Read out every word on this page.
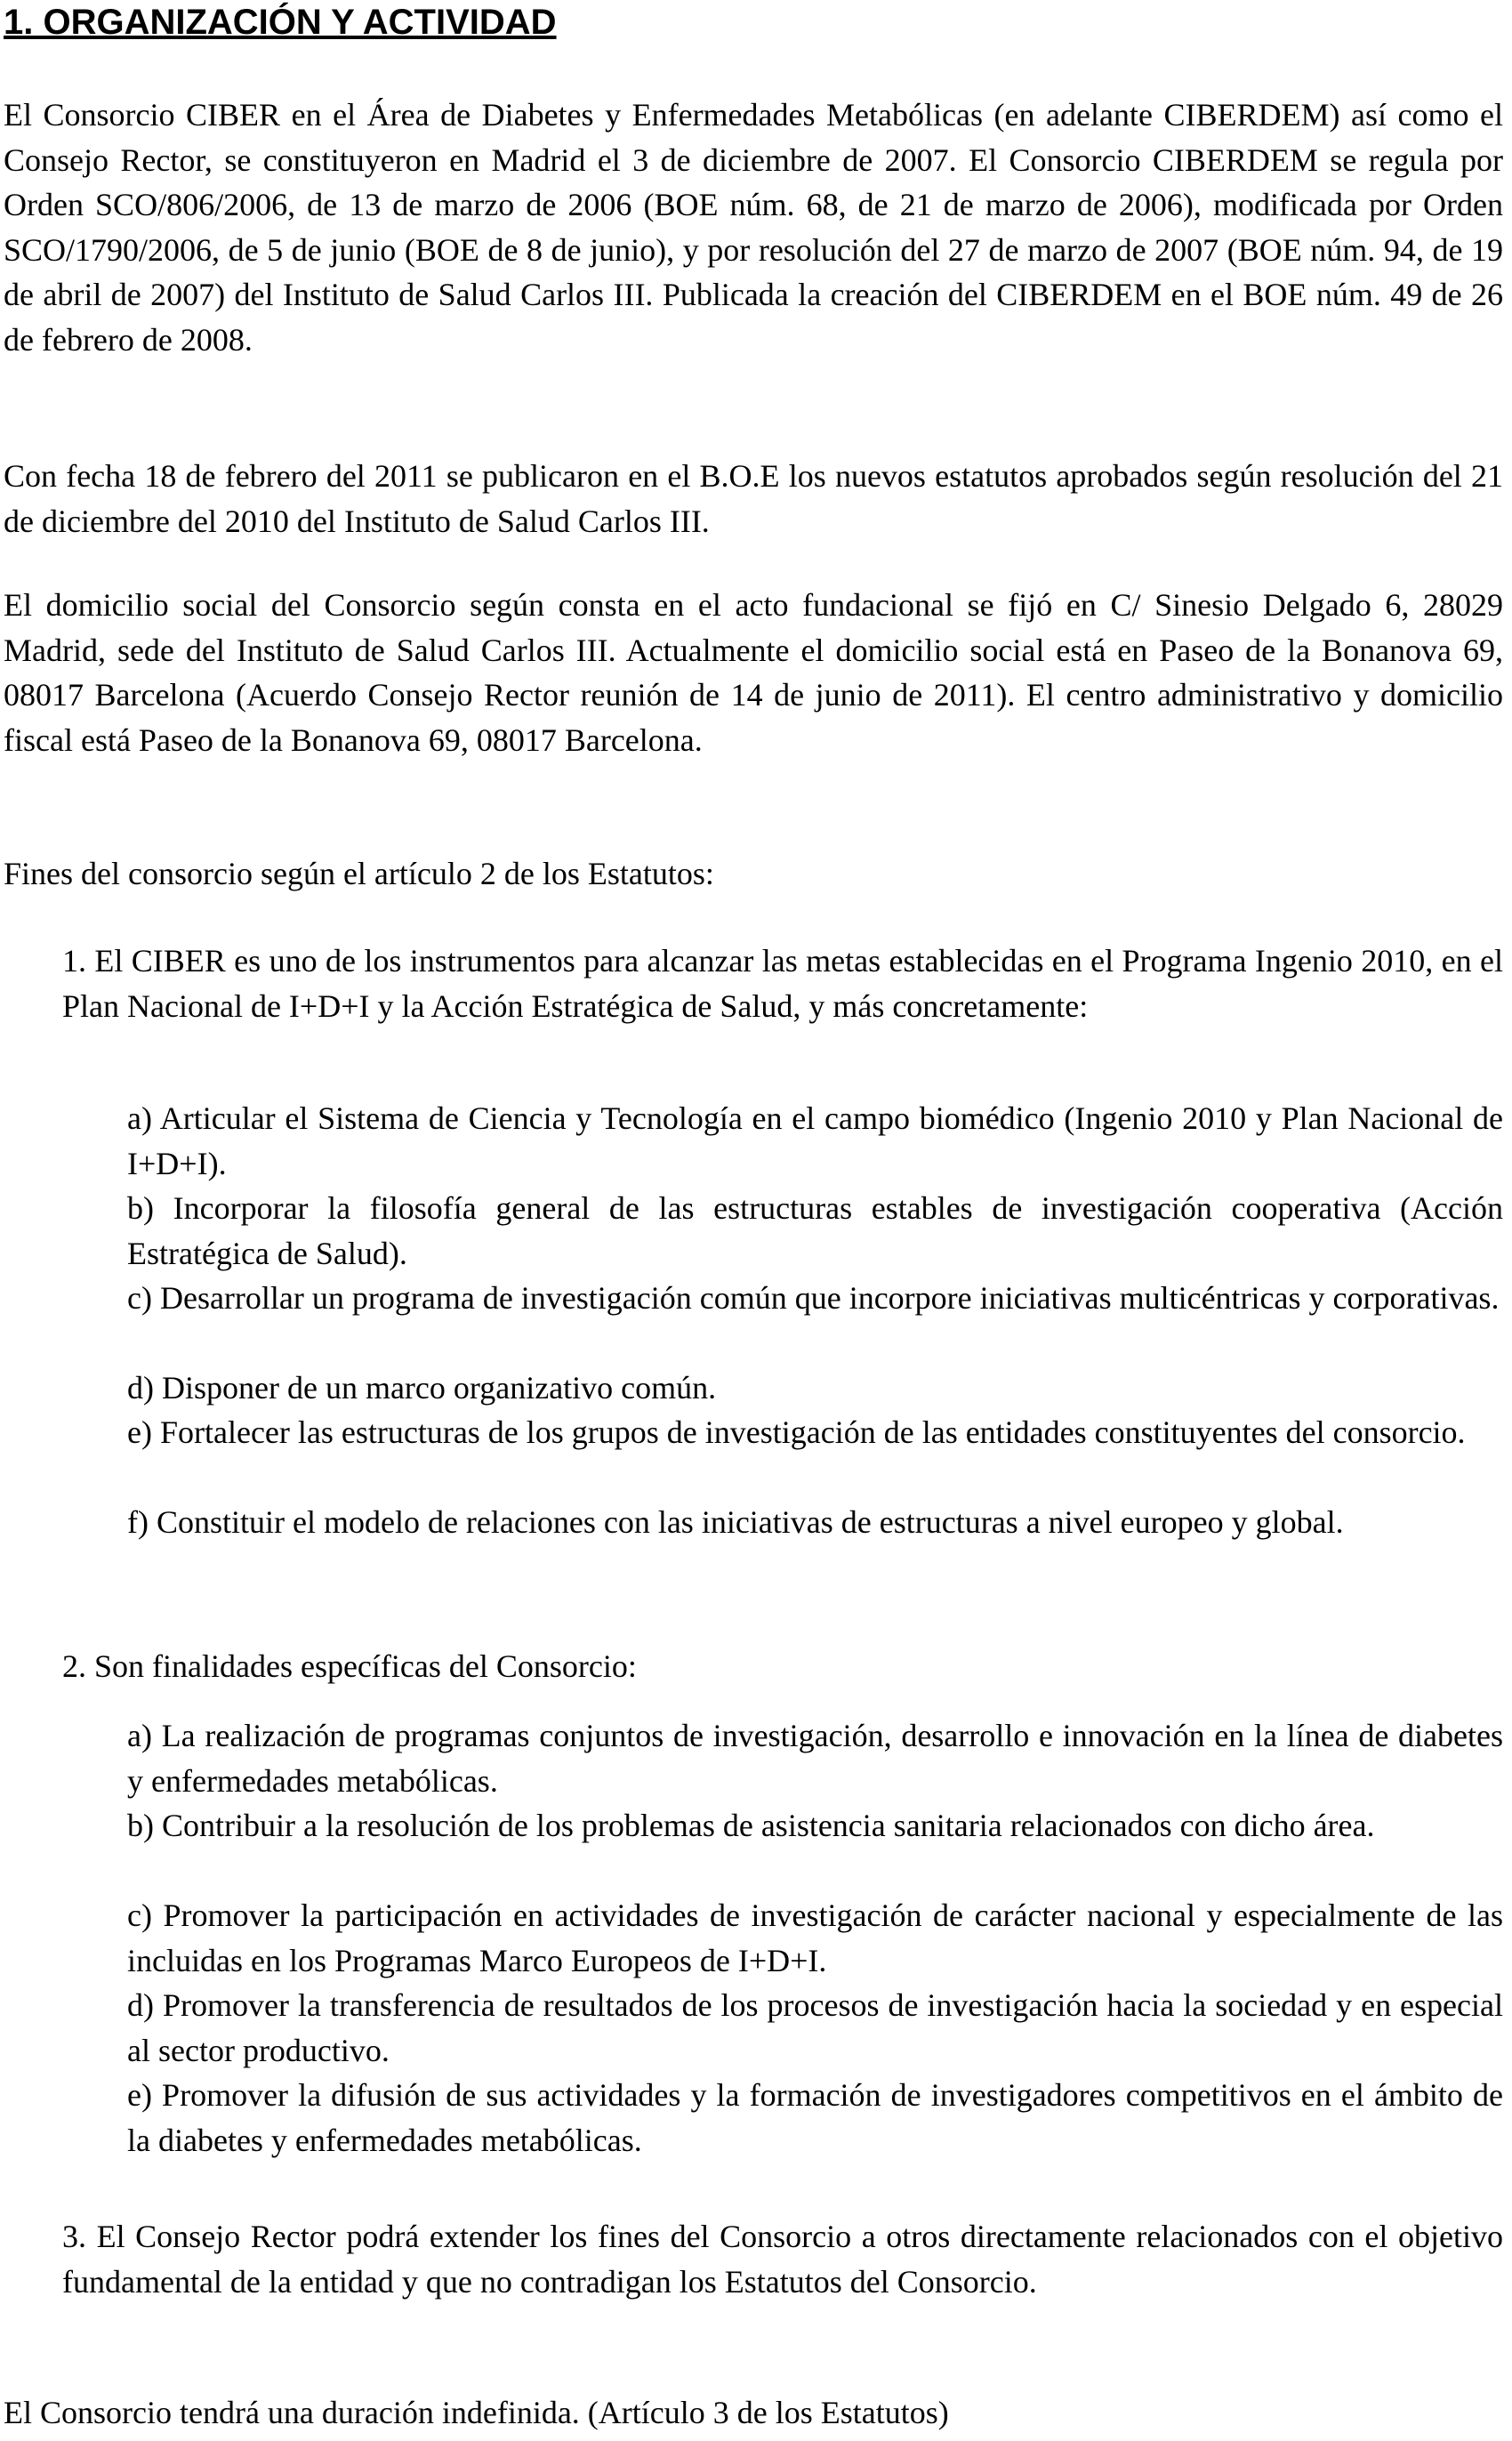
1. ORGANIZACIÓN Y ACTIVIDAD

El Consorcio CIBER en el Área de Diabetes y Enfermedades Metabólicas (en adelante CIBERDEM) así como el Consejo Rector, se constituyeron en Madrid el 3 de diciembre de 2007. El Consorcio CIBERDEM se regula por Orden SCO/806/2006, de 13 de marzo de 2006 (BOE núm. 68, de 21 de marzo de 2006), modificada por Orden SCO/1790/2006, de 5 de junio (BOE de 8 de junio), y por resolución del 27 de marzo de 2007 (BOE núm. 94, de 19 de abril de 2007) del Instituto de Salud Carlos III. Publicada la creación del CIBERDEM en el BOE núm. 49 de 26 de febrero de 2008.

Con fecha 18 de febrero del 2011 se publicaron en el B.O.E los nuevos estatutos aprobados según resolución del 21 de diciembre del 2010 del Instituto de Salud Carlos III.

El domicilio social del Consorcio según consta en el acto fundacional se fijó en C/ Sinesio Delgado 6, 28029 Madrid, sede del Instituto de Salud Carlos III. Actualmente el domicilio social está en Paseo de la Bonanova 69, 08017 Barcelona (Acuerdo Consejo Rector reunión de 14 de junio de 2011). El centro administrativo y domicilio fiscal está Paseo de la Bonanova 69, 08017 Barcelona.

Fines del consorcio según el artículo 2 de los Estatutos:

1. El CIBER es uno de los instrumentos para alcanzar las metas establecidas en el Programa Ingenio 2010, en el Plan Nacional de I+D+I y la Acción Estratégica de Salud, y más concretamente:

a) Articular el Sistema de Ciencia y Tecnología en el campo biomédico (Ingenio 2010 y Plan Nacional de I+D+I).

b) Incorporar la filosofía general de las estructuras estables de investigación cooperativa (Acción Estratégica de Salud).

c) Desarrollar un programa de investigación común que incorpore iniciativas multicéntricas y corporativas.

d) Disponer de un marco organizativo común.

e) Fortalecer las estructuras de los grupos de investigación de las entidades constituyentes del consorcio.

f) Constituir el modelo de relaciones con las iniciativas de estructuras a nivel europeo y global.

2. Son finalidades específicas del Consorcio:

a) La realización de programas conjuntos de investigación, desarrollo e innovación en la línea de diabetes y enfermedades metabólicas.

b) Contribuir a la resolución de los problemas de asistencia sanitaria relacionados con dicho área.

c) Promover la participación en actividades de investigación de carácter nacional y especialmente de las incluidas en los Programas Marco Europeos de I+D+I.

d) Promover la transferencia de resultados de los procesos de investigación hacia la sociedad y en especial al sector productivo.

e) Promover la difusión de sus actividades y la formación de investigadores competitivos en el ámbito de la diabetes y enfermedades metabólicas.

3. El Consejo Rector podrá extender los fines del Consorcio a otros directamente relacionados con el objetivo fundamental de la entidad y que no contradigan los Estatutos del Consorcio.

El Consorcio tendrá una duración indefinida. (Artículo 3 de los Estatutos)
